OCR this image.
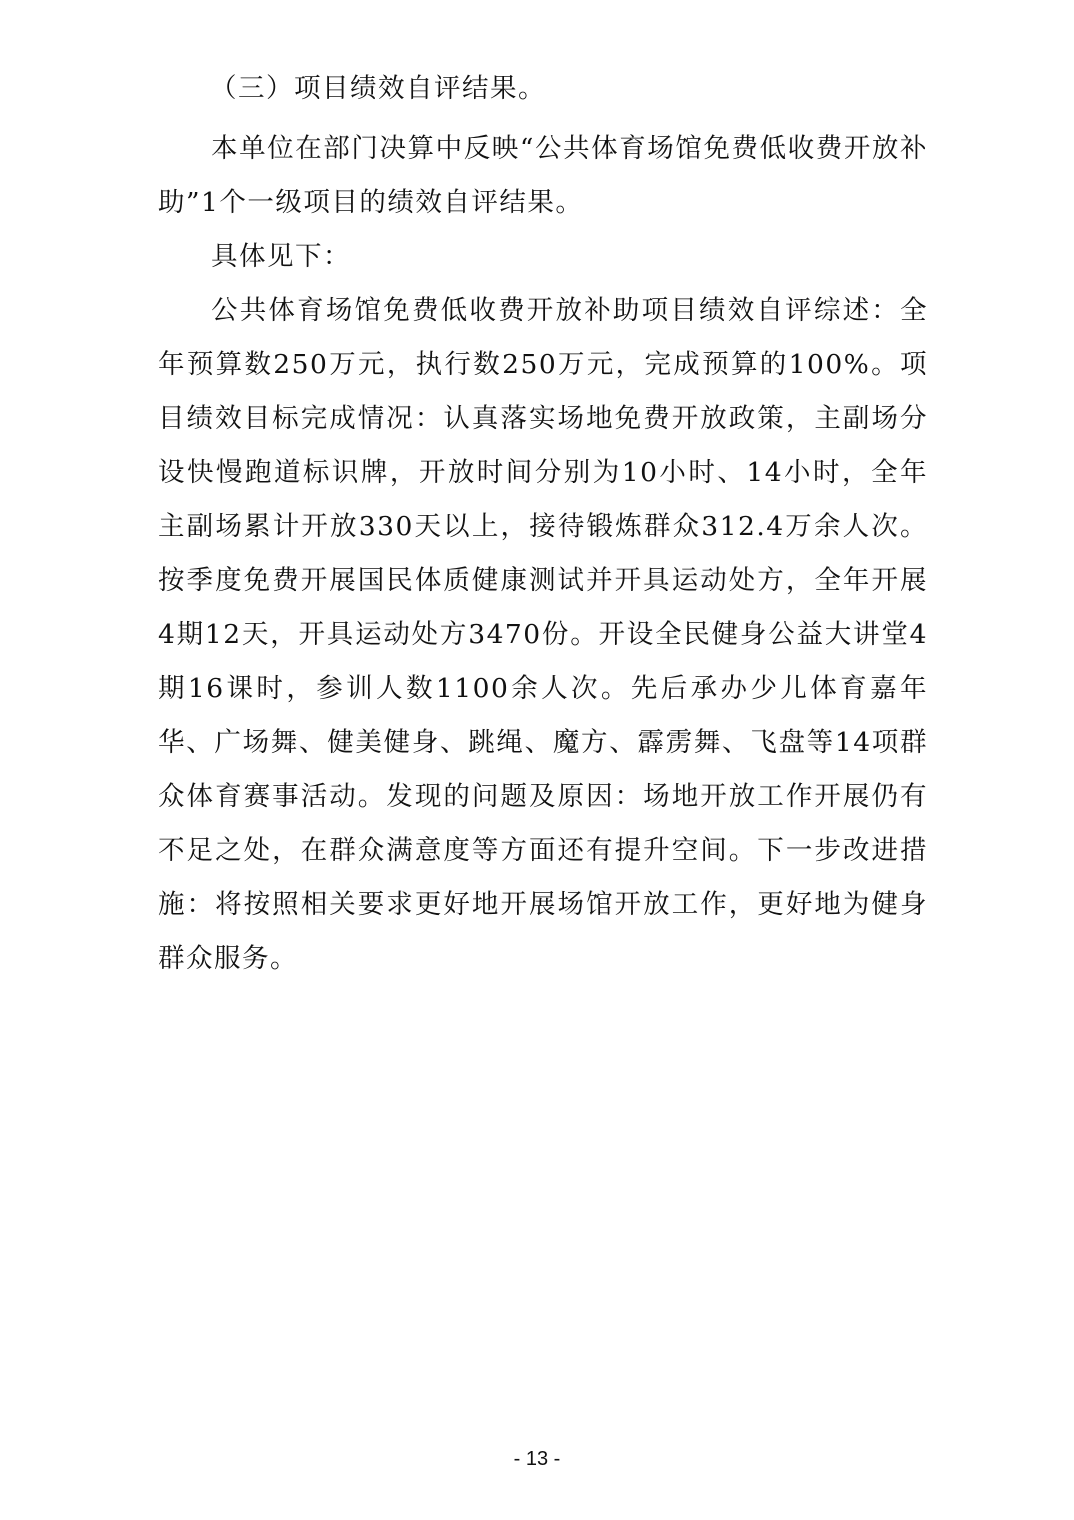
（三）项目绩效自评结果。

本单位在部门决算中反映“公共体育场馆免费低收费开放补助”1个一级项目的绩效自评结果。

具体见下：

公共体育场馆免费低收费开放补助项目绩效自评综述：全年预算数250万元，执行数250万元，完成预算的100%。项目绩效目标完成情况：认真落实场地免费开放政策，主副场分设快慢跑道标识牌，开放时间分别为10小时、14小时，全年主副场累计开放330天以上，接待锻炼群众312.4万余人次。按季度免费开展国民体质健康测试并开具运动处方，全年开展4期12天，开具运动处方3470份。开设全民健身公益大讲堂4期16课时，参训人数1100余人次。先后承办少儿体育嘉年华、广场舞、健美健身、跳绳、魔方、霹雳舞、飞盘等14项群众体育赛事活动。发现的问题及原因：场地开放工作开展仍有不足之处，在群众满意度等方面还有提升空间。下一步改进措施：将按照相关要求更好地开展场馆开放工作，更好地为健身群众服务。

- 13 -
